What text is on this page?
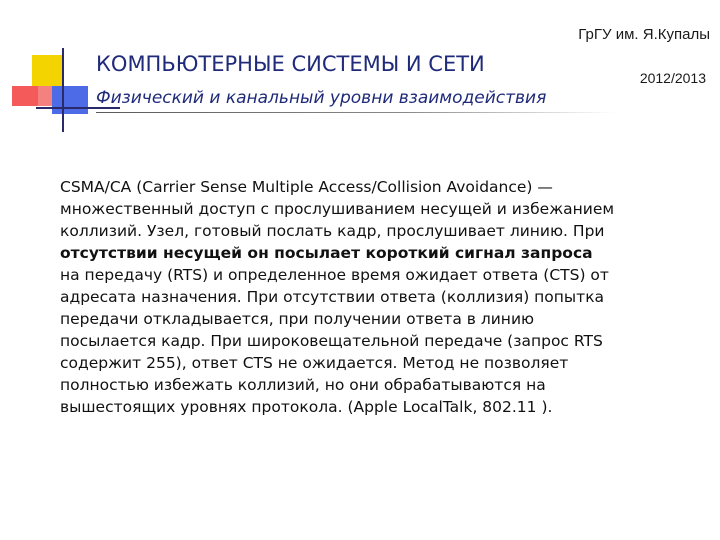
ГрГУ им. Я.Купалы
КОМПЬЮТЕРНЫЕ СИСТЕМЫ И СЕТИ
2012/2013
Физический и канальный уровни взаимодействия
CSMA/CA (Carrier Sense Multiple Access/Collision Avoidance) —
множественный доступ с прослушиванием несущей и избежанием
коллизий. Узел, готовый послать кадр, прослушивает линию. При
отсутствии несущей он посылает короткий сигнал запроса
на передачу (RTS) и определенное время ожидает ответа (CTS) от
адресата назначения. При отсутствии ответа (коллизия) попытка
передачи откладывается, при получении ответа в линию
посылается кадр. При широковещательной передаче (запрос RTS
содержит 255), ответ CTS не ожидается. Метод не позволяет
полностью избежать коллизий, но они обрабатываются на
вышестоящих уровнях протокола. (Apple LocalTalk, 802.11 ).
